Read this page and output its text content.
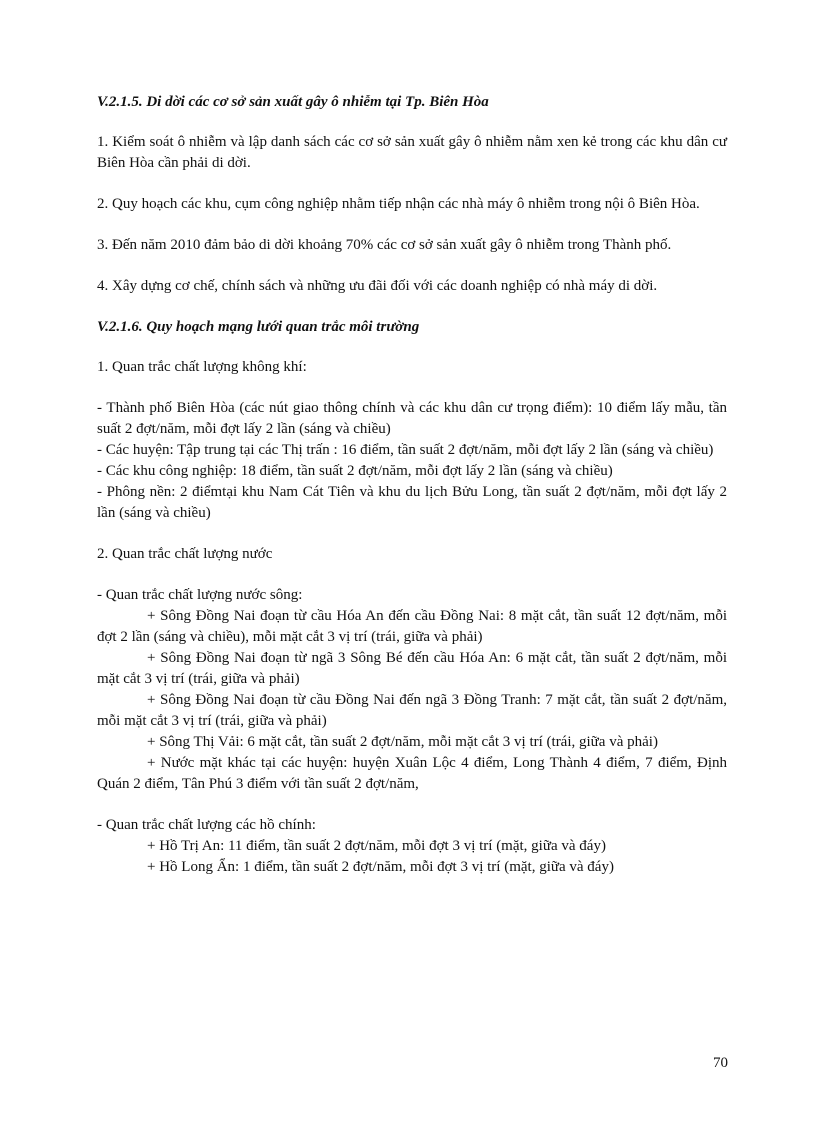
V.2.1.5. Di dời các cơ sở sản xuất gây ô nhiễm tại Tp. Biên Hòa

1. Kiểm soát ô nhiễm và lập danh sách các cơ sở sản xuất gây ô nhiễm nằm xen kẻ trong các khu dân cư Biên Hòa cần phải di dời.

2. Quy hoạch các khu, cụm công nghiệp nhằm tiếp nhận các nhà máy ô nhiễm trong nội ô Biên Hòa.

3. Đến năm 2010 đảm bảo di dời khoảng 70% các cơ sở sản xuất gây ô nhiễm trong Thành phố.

4. Xây dựng cơ chế, chính sách và những ưu đãi đối với các doanh nghiệp có nhà máy di dời.

V.2.1.6. Quy hoạch mạng lưới quan trắc môi trường

1. Quan trắc chất lượng không khí:

- Thành phố Biên Hòa (các nút giao thông chính và các khu dân cư trọng điểm): 10 điểm lấy mẫu, tần suất 2 đợt/năm, mỗi đợt lấy 2 lần (sáng và chiều)

- Các huyện: Tập trung tại các Thị trấn : 16 điểm, tần suất 2 đợt/năm, mỗi đợt lấy 2 lần (sáng và chiều)

- Các khu công nghiệp: 18 điểm, tần suất 2 đợt/năm, mỗi đợt lấy 2 lần (sáng và chiều)

- Phông nền: 2 điểmtại khu Nam Cát Tiên và khu du lịch Bửu Long, tần suất 2 đợt/năm, mỗi đợt lấy 2 lần (sáng và chiều)

2. Quan trắc chất lượng nước

- Quan trắc chất lượng nước sông:

+ Sông Đồng Nai đoạn từ cầu Hóa An đến cầu Đồng Nai: 8 mặt cắt, tần suất 12 đợt/năm, mỗi đợt 2 lần (sáng và chiều), mỗi mặt cắt 3 vị trí (trái, giữa và phải)

+ Sông Đồng Nai đoạn từ ngã 3 Sông Bé đến cầu Hóa An: 6 mặt cắt, tần suất 2 đợt/năm, mỗi mặt cắt 3 vị trí (trái, giữa và phải)

+ Sông Đồng Nai đoạn từ cầu Đồng Nai đến ngã 3 Đồng Tranh: 7 mặt cắt, tần suất 2 đợt/năm, mỗi mặt cắt 3 vị trí (trái, giữa và phải)

+ Sông Thị Vải: 6 mặt cắt, tần suất 2 đợt/năm, mỗi mặt cắt 3 vị trí (trái, giữa và phải)

+ Nước mặt khác tại các huyện: huyện Xuân Lộc 4 điểm, Long Thành 4 điểm, 7 điểm, Định Quán 2 điểm, Tân Phú 3 điểm với tần suất 2 đợt/năm,

- Quan trắc chất lượng các hồ chính:

+ Hồ Trị An: 11 điểm, tần suất 2 đợt/năm, mỗi đợt 3 vị trí (mặt, giữa và đáy)

+ Hồ Long Ẩn: 1 điểm, tần suất 2 đợt/năm, mỗi đợt 3 vị trí (mặt, giữa và đáy)

70
